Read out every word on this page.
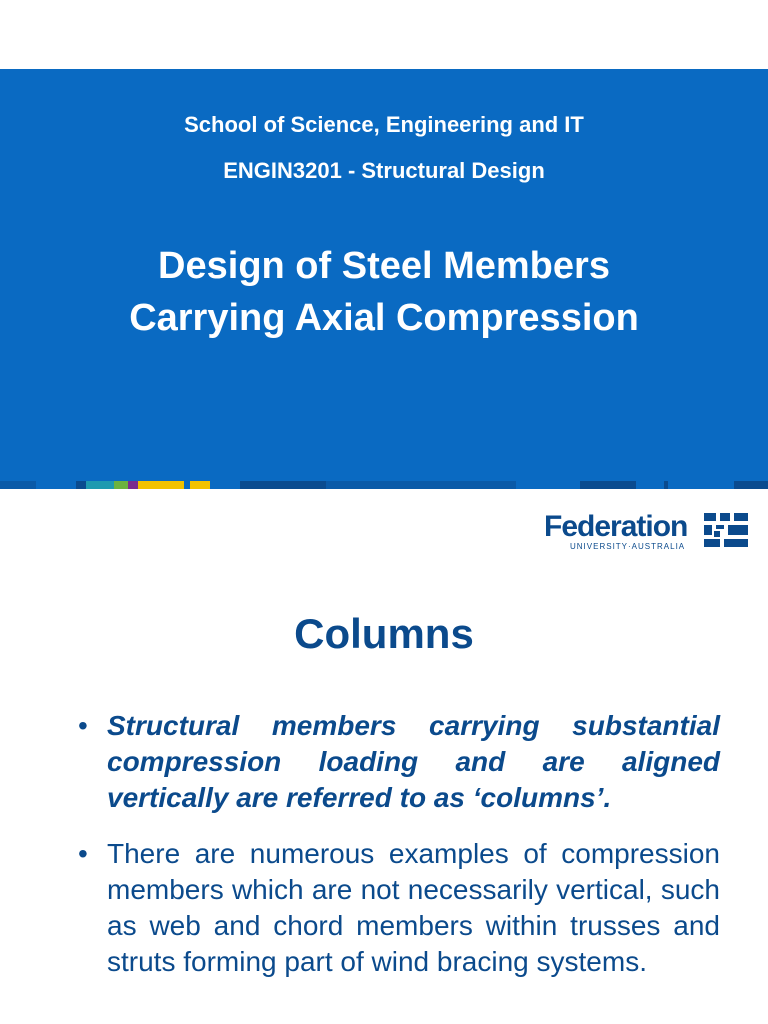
School of Science, Engineering and IT
ENGIN3201 - Structural Design
Design of Steel Members
Carrying Axial Compression
Federation
UNIVERSITY·AUSTRALIA
Columns
• Structural members carrying substantial compression loading and are aligned vertically are referred to as ‘columns’.
• There are numerous examples of compression members which are not necessarily vertical, such as web and chord members within trusses and struts forming part of wind bracing systems.
